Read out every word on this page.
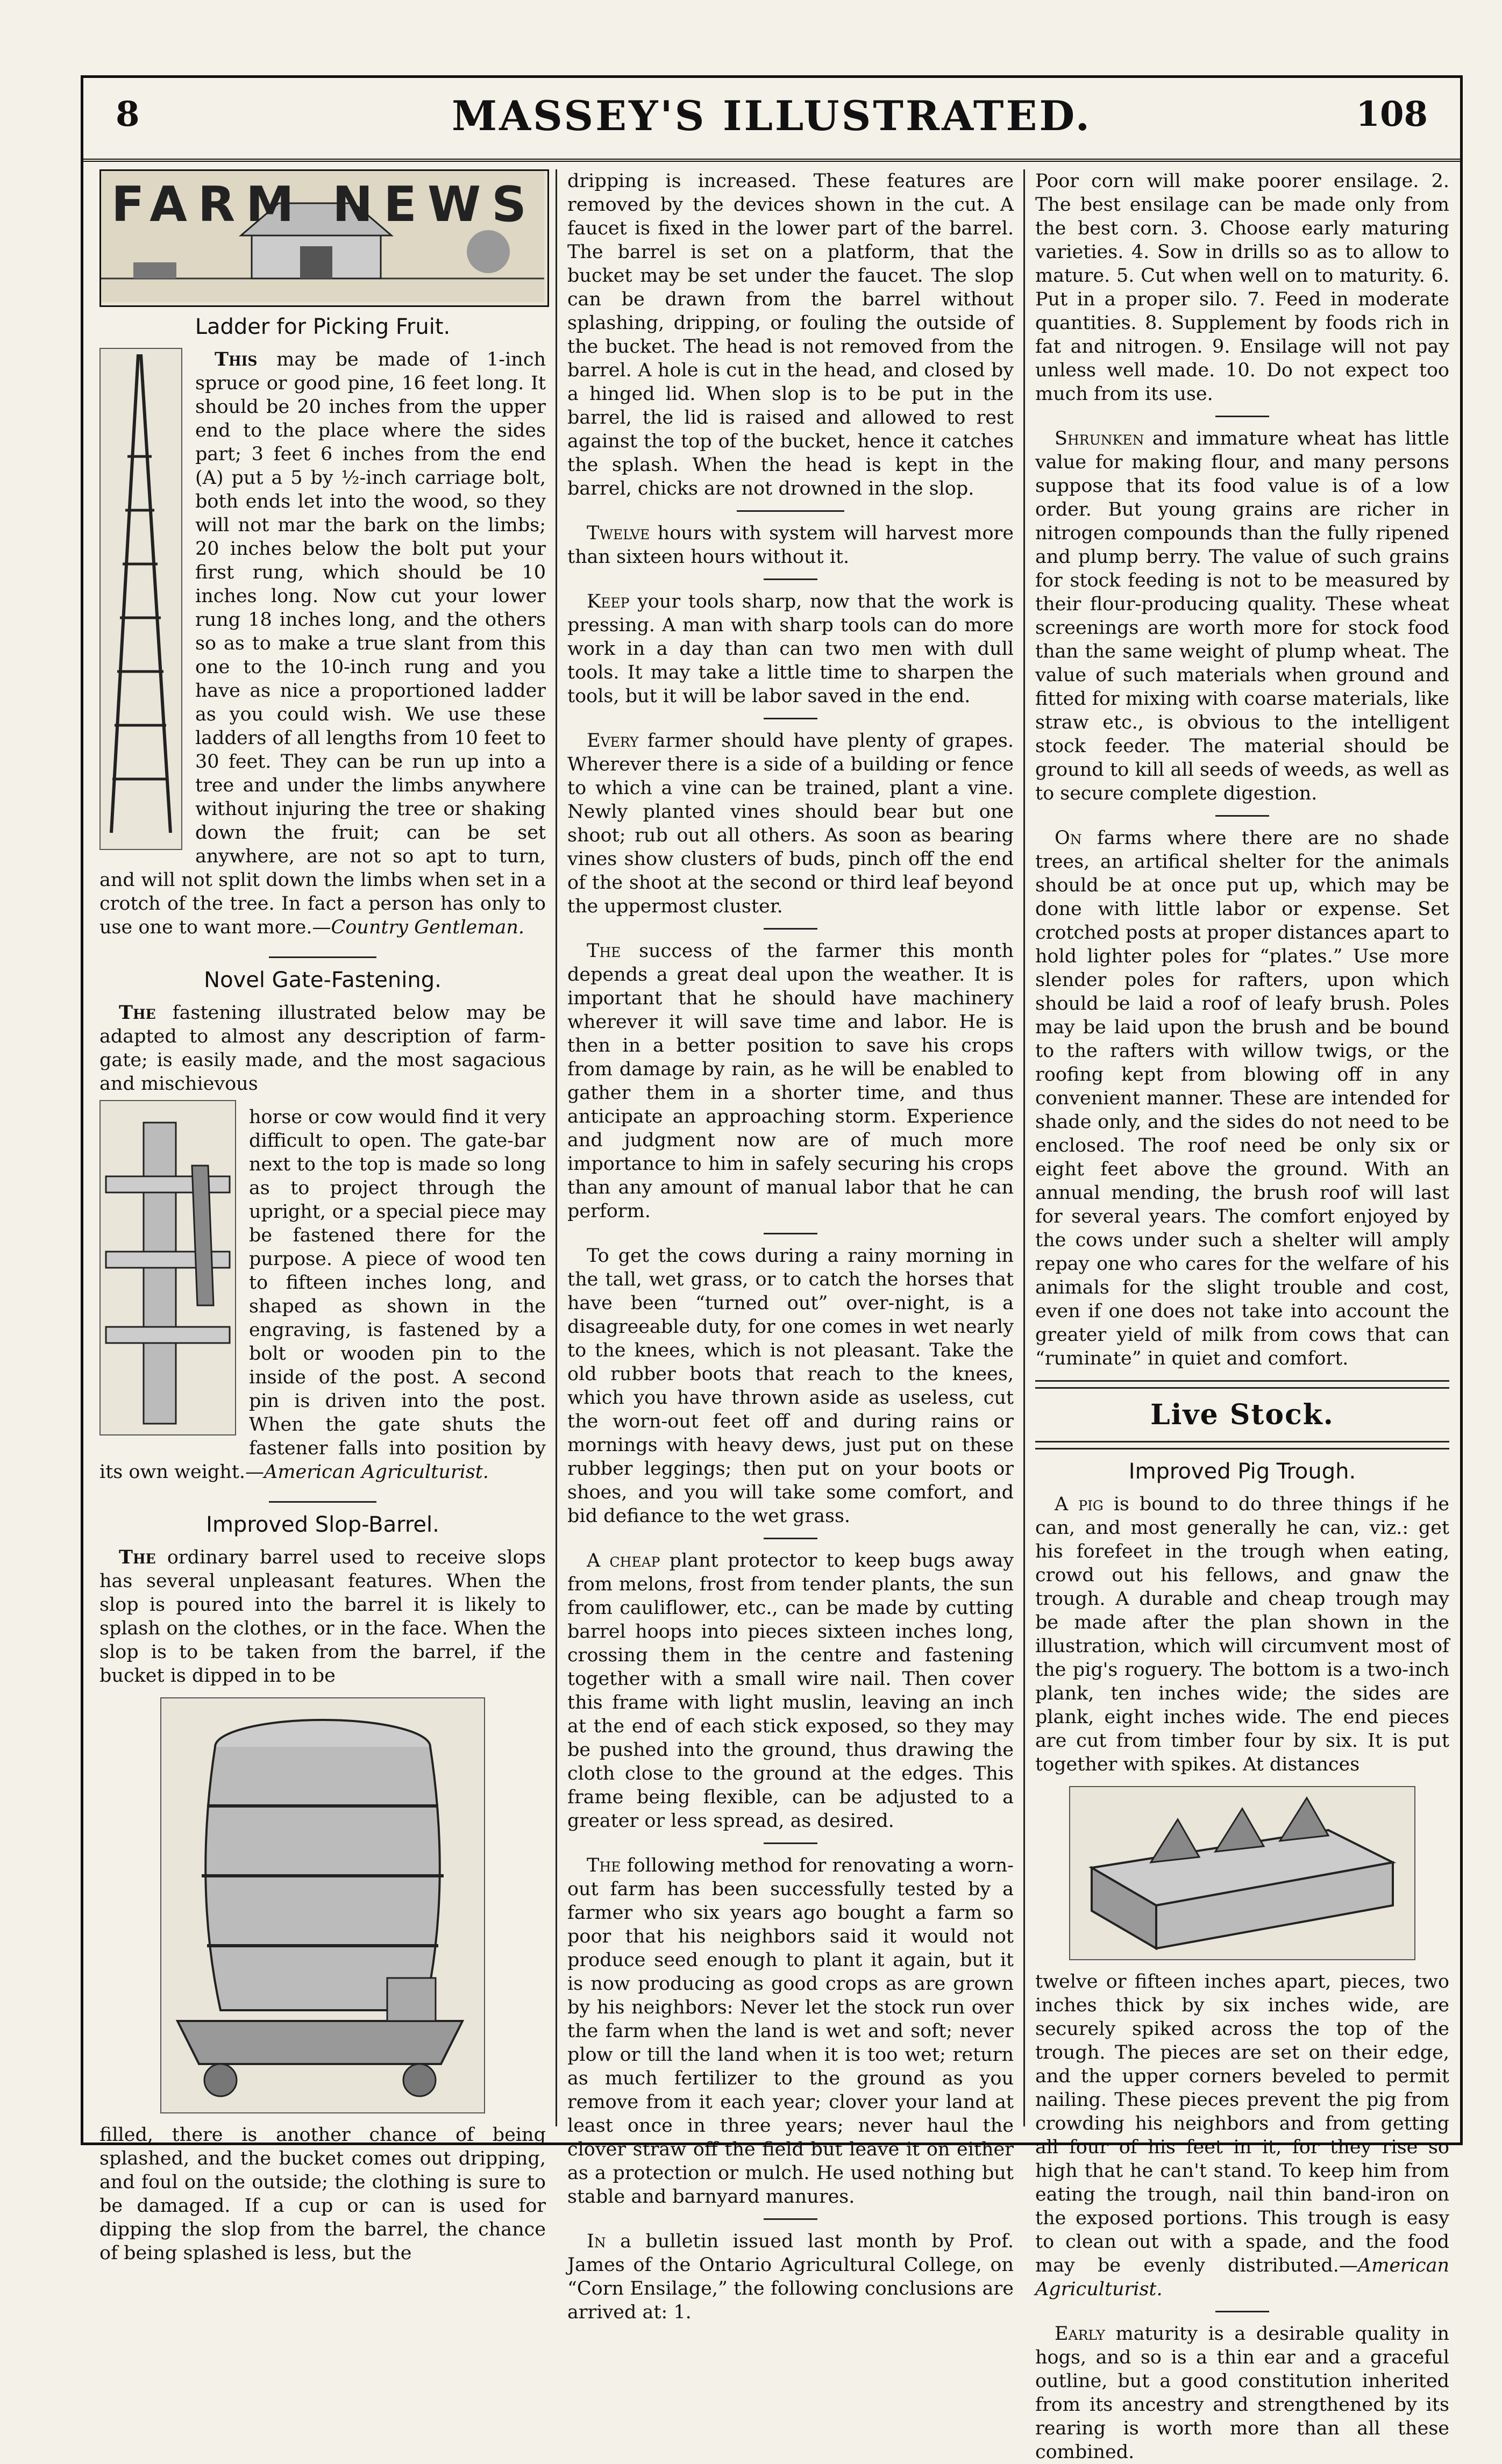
8	MASSEY'S ILLUSTRATED.	108
FARM NEWS
Ladder for Picking Fruit.

This may be made of 1-inch spruce or good pine, 16 feet long. It should be 20 inches from the upper end to the place where the sides part; 3 feet 6 inches from the end (A) put a 5 by ½-inch carriage bolt, both ends let into the wood, so they will not mar the bark on the limbs; 20 inches below the bolt put your first rung, which should be 10 inches long. Now cut your lower rung 18 inches long, and the others so as to make a true slant from this one to the 10-inch rung and you have as nice a proportioned ladder as you could wish. We use these ladders of all lengths from 10 feet to 30 feet. They can be run up into a tree and under the limbs anywhere without injuring the tree or shaking down the fruit; can be set anywhere, are not so apt to turn, and will not split down the limbs when set in a crotch of the tree. In fact a person has only to use one to want more.—Country Gentleman.

Novel Gate-Fastening.

The fastening illustrated below may be adapted to almost any description of farm-gate; is easily made, and the most sagacious and mischievous

horse or cow would find it very difficult to open. The gate-bar next to the top is made so long as to project through the upright, or a special piece may be fastened there for the purpose. A piece of wood ten to fifteen inches long, and shaped as shown in the engraving, is fastened by a bolt or wooden pin to the inside of the post. A second pin is driven into the post. When the gate shuts the fastener falls into position by its own weight.—American Agriculturist.

Improved Slop-Barrel.

The ordinary barrel used to receive slops has several unpleasant features. When the slop is poured into the barrel it is likely to splash on the clothes, or in the face. When the slop is to be taken from the barrel, if the bucket is dipped in to be

filled, there is another chance of being splashed, and the bucket comes out dripping, and foul on the outside; the clothing is sure to be damaged. If a cup or can is used for dipping the slop from the barrel, the chance of being splashed is less, but the

dripping is increased. These features are removed by the devices shown in the cut. A faucet is fixed in the lower part of the barrel. The barrel is set on a platform, that the bucket may be set under the faucet. The slop can be drawn from the barrel without splashing, dripping, or fouling the outside of the bucket. The head is not removed from the barrel. A hole is cut in the head, and closed by a hinged lid. When slop is to be put in the barrel, the lid is raised and allowed to rest against the top of the bucket, hence it catches the splash. When the head is kept in the barrel, chicks are not drowned in the slop.

Twelve hours with system will harvest more than sixteen hours without it.

Keep your tools sharp, now that the work is pressing. A man with sharp tools can do more work in a day than can two men with dull tools. It may take a little time to sharpen the tools, but it will be labor saved in the end.

Every farmer should have plenty of grapes. Wherever there is a side of a building or fence to which a vine can be trained, plant a vine. Newly planted vines should bear but one shoot; rub out all others. As soon as bearing vines show clusters of buds, pinch off the end of the shoot at the second or third leaf beyond the uppermost cluster.

The success of the farmer this month depends a great deal upon the weather. It is important that he should have machinery wherever it will save time and labor. He is then in a better position to save his crops from damage by rain, as he will be enabled to gather them in a shorter time, and thus anticipate an approaching storm. Experience and judgment now are of much more importance to him in safely securing his crops than any amount of manual labor that he can perform.

To get the cows during a rainy morning in the tall, wet grass, or to catch the horses that have been “turned out” over-night, is a disagreeable duty, for one comes in wet nearly to the knees, which is not pleasant. Take the old rubber boots that reach to the knees, which you have thrown aside as useless, cut the worn-out feet off and during rains or mornings with heavy dews, just put on these rubber leggings; then put on your boots or shoes, and you will take some comfort, and bid defiance to the wet grass.

A cheap plant protector to keep bugs away from melons, frost from tender plants, the sun from cauliflower, etc., can be made by cutting barrel hoops into pieces sixteen inches long, crossing them in the centre and fastening together with a small wire nail. Then cover this frame with light muslin, leaving an inch at the end of each stick exposed, so they may be pushed into the ground, thus drawing the cloth close to the ground at the edges. This frame being flexible, can be adjusted to a greater or less spread, as desired.

The following method for renovating a worn-out farm has been successfully tested by a farmer who six years ago bought a farm so poor that his neighbors said it would not produce seed enough to plant it again, but it is now producing as good crops as are grown by his neighbors: Never let the stock run over the farm when the land is wet and soft; never plow or till the land when it is too wet; return as much fertilizer to the ground as you remove from it each year; clover your land at least once in three years; never haul the clover straw off the field but leave it on either as a protection or mulch. He used nothing but stable and barnyard manures.

In a bulletin issued last month by Prof. James of the Ontario Agricultural College, on “Corn Ensilage,” the following conclusions are arrived at: 1.

Poor corn will make poorer ensilage. 2. The best ensilage can be made only from the best corn. 3. Choose early maturing varieties. 4. Sow in drills so as to allow to mature. 5. Cut when well on to maturity. 6. Put in a proper silo. 7. Feed in moderate quantities. 8. Supplement by foods rich in fat and nitrogen. 9. Ensilage will not pay unless well made. 10. Do not expect too much from its use.

Shrunken and immature wheat has little value for making flour, and many persons suppose that its food value is of a low order. But young grains are richer in nitrogen compounds than the fully ripened and plump berry. The value of such grains for stock feeding is not to be measured by their flour-producing quality. These wheat screenings are worth more for stock food than the same weight of plump wheat. The value of such materials when ground and fitted for mixing with coarse materials, like straw etc., is obvious to the intelligent stock feeder. The material should be ground to kill all seeds of weeds, as well as to secure complete digestion.

On farms where there are no shade trees, an artifical shelter for the animals should be at once put up, which may be done with little labor or expense. Set crotched posts at proper distances apart to hold lighter poles for “plates.” Use more slender poles for rafters, upon which should be laid a roof of leafy brush. Poles may be laid upon the brush and be bound to the rafters with willow twigs, or the roofing kept from blowing off in any convenient manner. These are intended for shade only, and the sides do not need to be enclosed. The roof need be only six or eight feet above the ground. With an annual mending, the brush roof will last for several years. The comfort enjoyed by the cows under such a shelter will amply repay one who cares for the welfare of his animals for the slight trouble and cost, even if one does not take into account the greater yield of milk from cows that can “ruminate” in quiet and comfort.

Live Stock.
Improved Pig Trough.

A pig is bound to do three things if he can, and most generally he can, viz.: get his forefeet in the trough when eating, crowd out his fellows, and gnaw the trough. A durable and cheap trough may be made after the plan shown in the illustration, which will circumvent most of the pig's roguery. The bottom is a two-inch plank, ten inches wide; the sides are plank, eight inches wide. The end pieces are cut from timber four by six. It is put together with spikes. At distances

twelve or fifteen inches apart, pieces, two inches thick by six inches wide, are securely spiked across the top of the trough. The pieces are set on their edge, and the upper corners beveled to permit nailing. These pieces prevent the pig from crowding his neighbors and from getting all four of his feet in it, for they rise so high that he can't stand. To keep him from eating the trough, nail thin band-iron on the exposed portions. This trough is easy to clean out with a spade, and the food may be evenly distributed.—American Agriculturist.

Early maturity is a desirable quality in hogs, and so is a thin ear and a graceful outline, but a good constitution inherited from its ancestry and strengthened by its rearing is worth more than all these combined.
